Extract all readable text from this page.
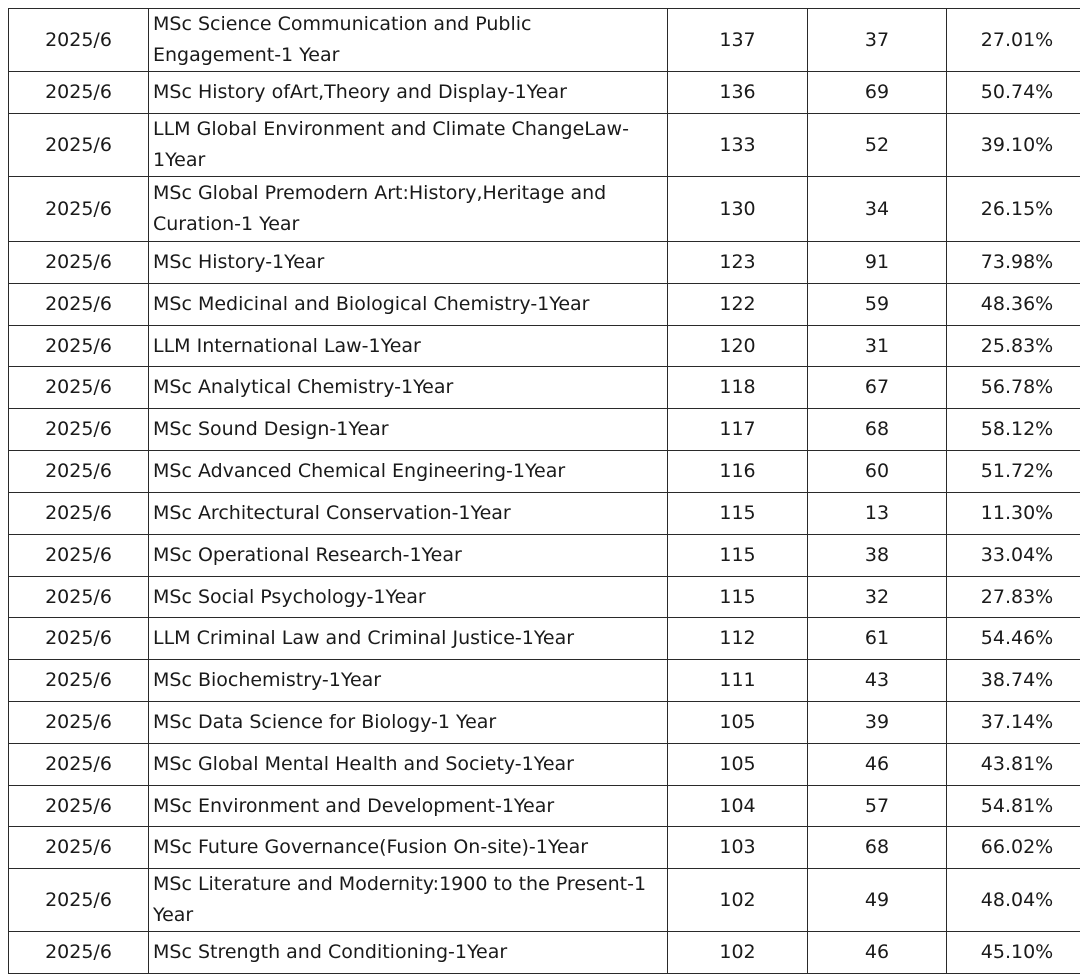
2025/6	MSc Science Communication and Public Engagement-1 Year	137	37	27.01%

2025/6	MSc History ofArt,Theory and Display-1Year	136	69	50.74%

2025/6	LLM Global Environment and Climate ChangeLaw-1Year	133	52	39.10%

2025/6	MSc Global Premodern Art:History,Heritage and Curation-1 Year	130	34	26.15%

2025/6	MSc History-1Year	123	91	73.98%

2025/6	MSc Medicinal and Biological Chemistry-1Year	122	59	48.36%

2025/6	LLM International Law-1Year	120	31	25.83%

2025/6	MSc Analytical Chemistry-1Year	118	67	56.78%

2025/6	MSc Sound Design-1Year	117	68	58.12%

2025/6	MSc Advanced Chemical Engineering-1Year	116	60	51.72%

2025/6	MSc Architectural Conservation-1Year	115	13	11.30%

2025/6	MSc Operational Research-1Year	115	38	33.04%

2025/6	MSc Social Psychology-1Year	115	32	27.83%

2025/6	LLM Criminal Law and Criminal Justice-1Year	112	61	54.46%

2025/6	MSc Biochemistry-1Year	111	43	38.74%

2025/6	MSc Data Science for Biology-1 Year	105	39	37.14%

2025/6	MSc Global Mental Health and Society-1Year	105	46	43.81%

2025/6	MSc Environment and Development-1Year	104	57	54.81%

2025/6	MSc Future Governance(Fusion On-site)-1Year	103	68	66.02%

2025/6	MSc Literature and Modernity:1900 to the Present-1 Year	102	49	48.04%

2025/6	MSc Strength and Conditioning-1Year	102	46	45.10%
